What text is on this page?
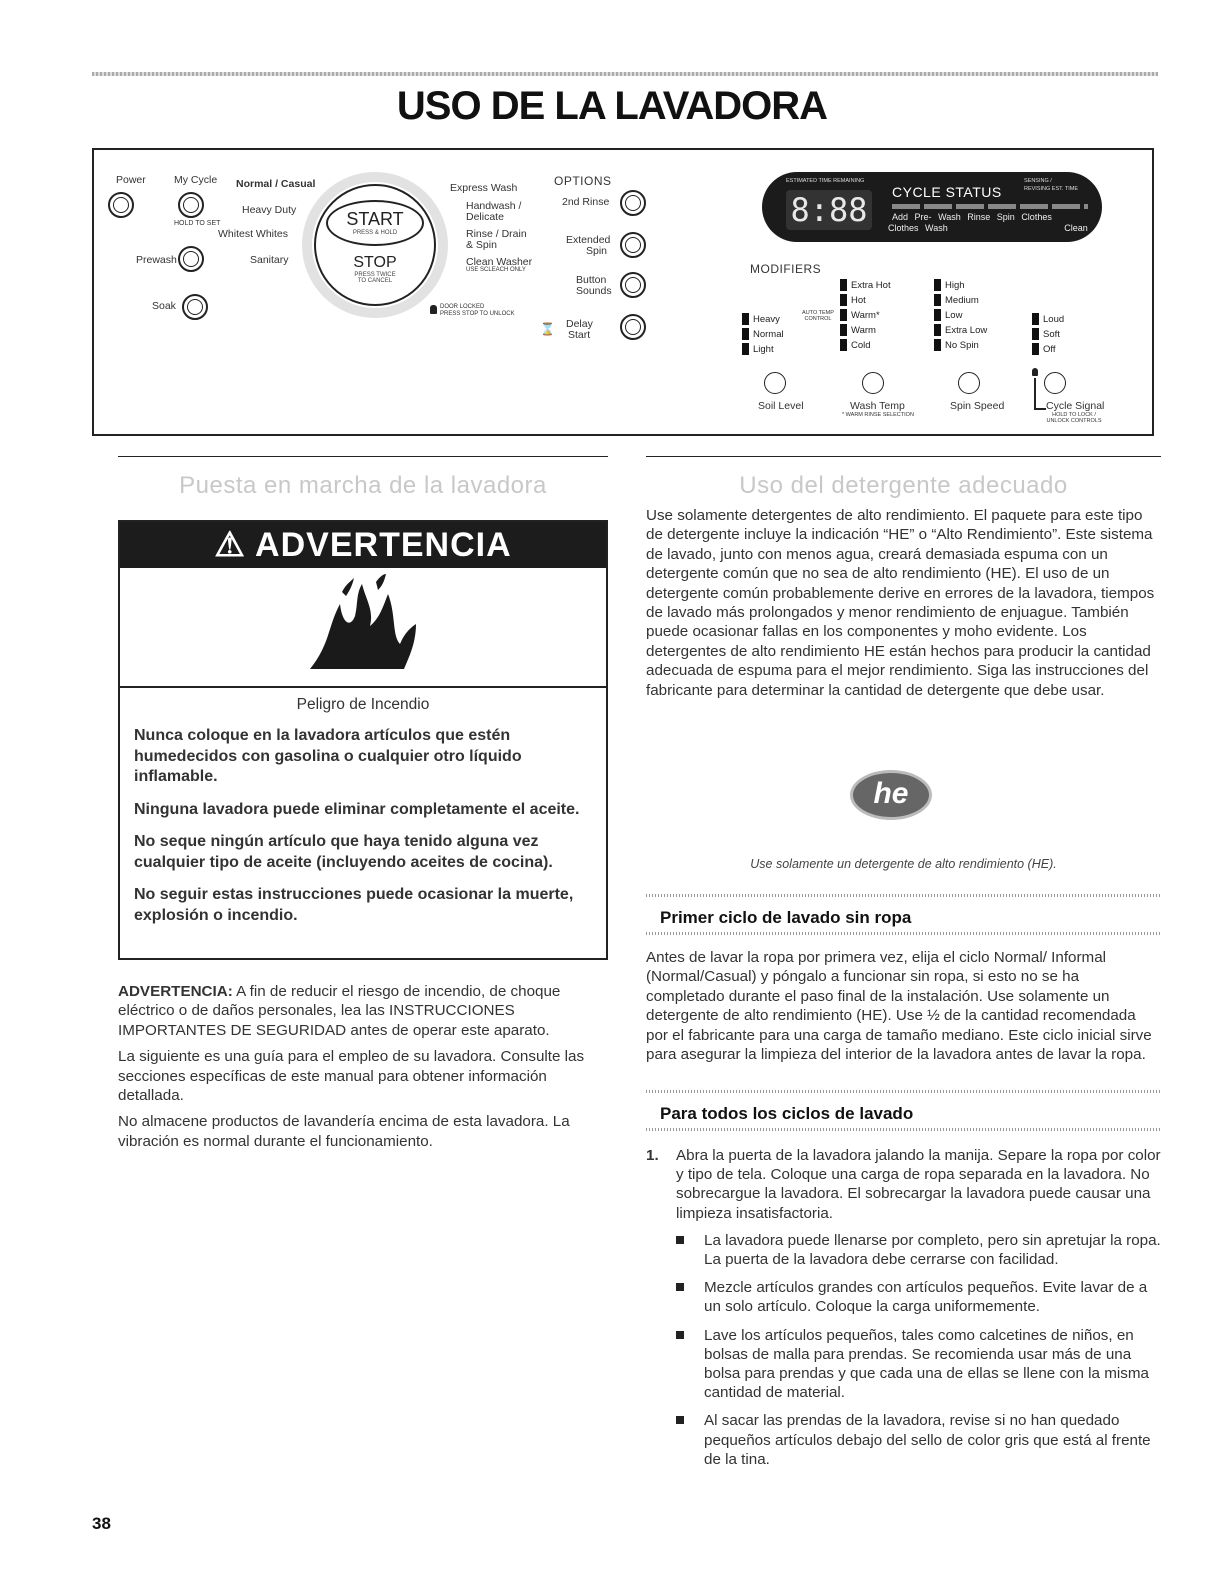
USO DE LA LAVADORA
Power	My Cycle
HOLD TO SET
Prewash
Soak
START
PRESS & HOLD
STOP
PRESS TWICE
TO CANCEL
Normal / Casual
Heavy Duty
Whitest Whites
Sanitary
Express Wash
Handwash /
Delicate
Rinse / Drain
& Spin
Clean Washer
USE SCLEACH ONLY
DOOR LOCKED
PRESS STOP TO UNLOCK
OPTIONS
2nd Rinse
Extended
Spin
Button
Sounds
⌛ Delay
Start
ESTIMATED TIME REMAINING
8:88	CYCLE STATUS
SENSING /
REVISING EST. TIME
Add Pre- Wash Rinse Spin Clothes
Clothes Wash	Clean
MODIFIERS
Heavy
Normal
Light
AUTO TEMP CONTROL
Extra Hot
Hot
Warm*
Warm
Cold
High
Medium
Low
Extra Low
No Spin
Loud
Soft
Off
Soil Level	Wash Temp
* WARM RINSE SELECTION
Spin Speed	Cycle Signal
HOLD TO LOCK / UNLOCK CONTROLS
Puesta en marcha de la lavadora
⚠ ADVERTENCIA
Peligro de Incendio
Nunca coloque en la lavadora artículos que estén humedecidos con gasolina o cualquier otro líquido inflamable.
Ninguna lavadora puede eliminar completamente el aceite.
No seque ningún artículo que haya tenido alguna vez cualquier tipo de aceite (incluyendo aceites de cocina).
No seguir estas instrucciones puede ocasionar la muerte, explosión o incendio.

ADVERTENCIA: A fin de reducir el riesgo de incendio, de choque eléctrico o de daños personales, lea las INSTRUCCIONES IMPORTANTES DE SEGURIDAD antes de operar este aparato.

La siguiente es una guía para el empleo de su lavadora. Consulte las secciones específicas de este manual para obtener información detallada.

No almacene productos de lavandería encima de esta lavadora. La vibración es normal durante el funcionamiento.

Uso del detergente adecuado
Use solamente detergentes de alto rendimiento. El paquete para este tipo de detergente incluye la indicación “HE” o “Alto Rendimiento”. Este sistema de lavado, junto con menos agua, creará demasiada espuma con un detergente común que no sea de alto rendimiento (HE). El uso de un detergente común probablemente derive en errores de la lavadora, tiempos de lavado más prolongados y menor rendimiento de enjuague. También puede ocasionar fallas en los componentes y moho evidente. Los detergentes de alto rendimiento HE están hechos para producir la cantidad adecuada de espuma para el mejor rendimiento. Siga las instrucciones del fabricante para determinar la cantidad de detergente que debe usar.
he
Use solamente un detergente de alto rendimiento (HE).
Primer ciclo de lavado sin ropa
Antes de lavar la ropa por primera vez, elija el ciclo Normal/ Informal (Normal/Casual) y póngalo a funcionar sin ropa, si esto no se ha completado durante el paso final de la instalación. Use solamente un detergente de alto rendimiento (HE). Use ½ de la cantidad recomendada por el fabricante para una carga de tamaño mediano. Este ciclo inicial sirve para asegurar la limpieza del interior de la lavadora antes de lavar la ropa.
Para todos los ciclos de lavado
1. Abra la puerta de la lavadora jalando la manija. Separe la ropa por color y tipo de tela. Coloque una carga de ropa separada en la lavadora. No sobrecargue la lavadora. El sobrecargar la lavadora puede causar una limpieza insatisfactoria.
La lavadora puede llenarse por completo, pero sin apretujar la ropa. La puerta de la lavadora debe cerrarse con facilidad.
Mezcle artículos grandes con artículos pequeños. Evite lavar de a un solo artículo. Coloque la carga uniformemente.
Lave los artículos pequeños, tales como calcetines de niños, en bolsas de malla para prendas. Se recomienda usar más de una bolsa para prendas y que cada una de ellas se llene con la misma cantidad de material.
Al sacar las prendas de la lavadora, revise si no han quedado pequeños artículos debajo del sello de color gris que está al frente de la tina.
38
